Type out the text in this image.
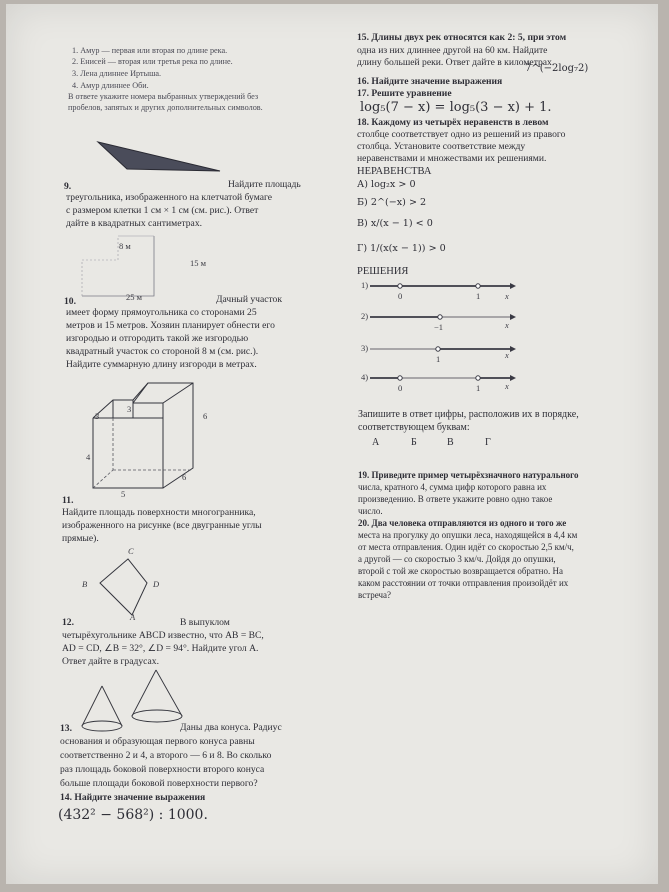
1. Амур — первая или вторая по длине река.

2. Енисей — вторая или третья река по длине.

3. Лена длиннее Иртыша.

4. Амур длиннее Оби.

В ответе укажите номера выбранных утверждений без

пробелов, запятых и других дополнительных символов.

9.	Найдите площадь

треугольника, изображенного на клетчатой бумаге

с размером клетки 1 см × 1 см (см. рис.). Ответ

дайте в квадратных сантиметрах.

8 м
15 м
25 м

10.	Дачный участок

имеет форму прямоугольника со сторонами 25

метров и 15 метров. Хозяин планирует обнести его

изгородью и отгородить такой же изгородью

квадратный участок со стороной 8 м (см. рис.).

Найдите суммарную длину изгороди в метрах.

3
3
6
4
6
5

11.

Найдите площадь поверхности многогранника,

изображенного на рисунке (все двугранные углы

прямые).

C
B	D
A

12.	В выпуклом

четырёхугольнике ABCD известно, что AB = BC,

AD = CD, ∠B = 32°, ∠D = 94°. Найдите угол A.

Ответ дайте в градусах.

13.	Даны два конуса. Радиус

основания и образующая первого конуса равны

соответственно 2 и 4, а второго — 6 и 8. Во сколько

раз площадь боковой поверхности второго конуса

больше площади боковой поверхности первого?

14. Найдите значение выражения

(432² − 568²) : 1000.

15. Длины двух рек относятся как 2: 5, при этом

одна из них длиннее другой на 60 км. Найдите

длину большей реки. Ответ дайте в километрах.

16. Найдите значение выражения

7^(−2log₇2)

17. Решите уравнение

log₅(7 − x) = log₅(3 − x) + 1.

18. Каждому из четырёх неравенств в левом

столбце соответствует одно из решений из правого

столбца. Установите соответствие между

неравенствами и множествами их решениями.

НЕРАВЕНСТВА

А) log₂x > 0

Б) 2^(−x) > 2

В) x/(x − 1) < 0

Г) 1/(x(x − 1)) > 0

РЕШЕНИЯ

1)
0	1	x
2)
−1	x
3)
1	x
4)
0	1	x

Запишите в ответ цифры, расположив их в порядке,

соответствующем буквам:

А	Б	В	Г

19. Приведите пример четырёхзначного натурального

числа, кратного 4, сумма цифр которого равна их

произведению. В ответе укажите ровно одно такое

число.

20. Два человека отправляются из одного и того же

места на прогулку до опушки леса, находящейся в 4,4 км

от места отправления. Один идёт со скоростью 2,5 км/ч,

а другой — со скоростью 3 км/ч. Дойдя до опушки,

второй с той же скоростью возвращается обратно. На

каком расстоянии от точки отправления произойдёт их

встреча?
